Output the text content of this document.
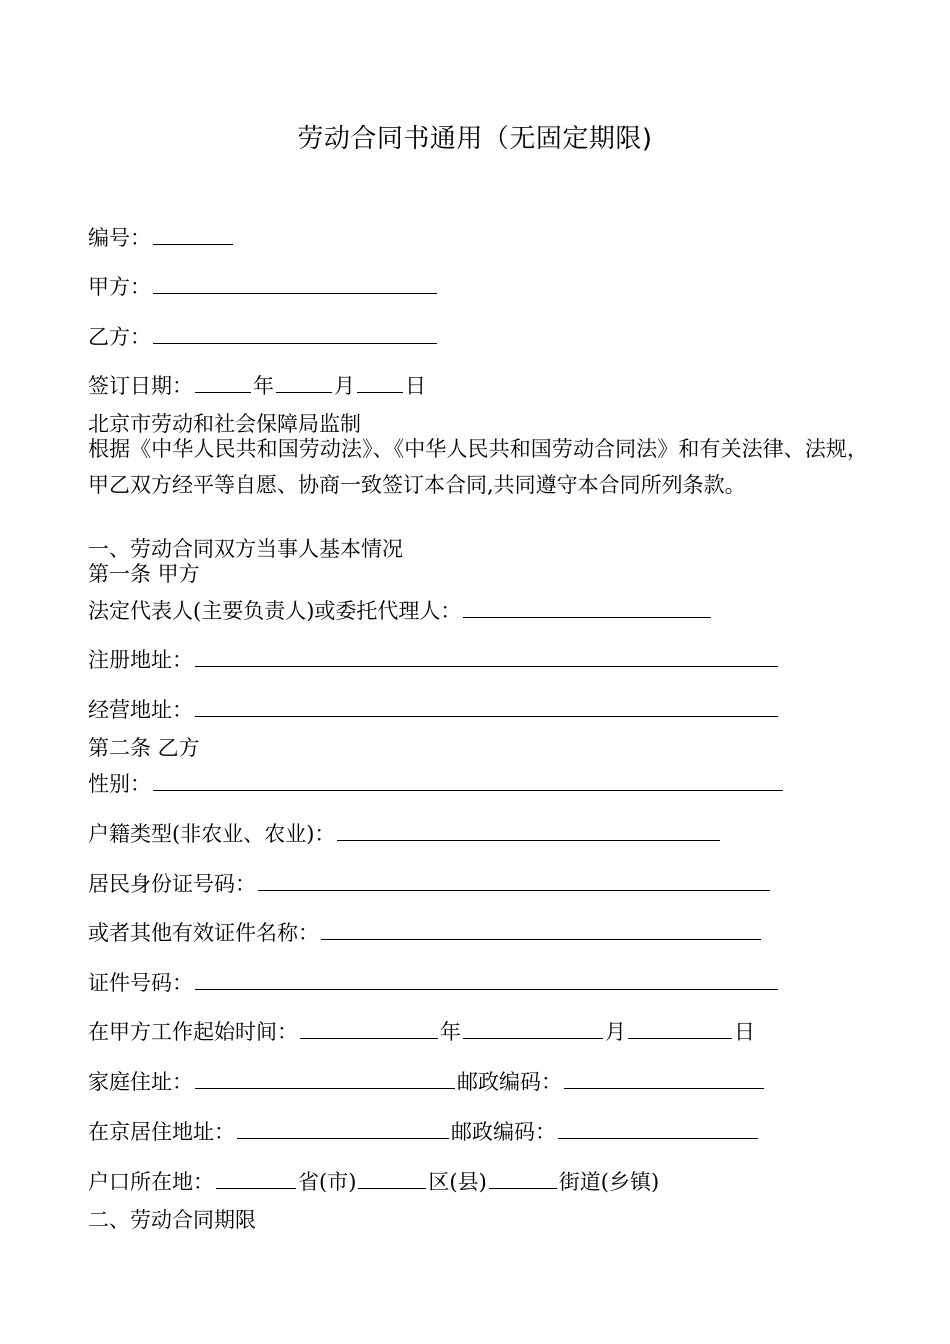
劳动合同书通用（无固定期限)
编号：
甲方：
乙方：
签订日期：	年	月 日
北京市劳动和社会保障局监制
根据《中华人民共和国劳动法》、《中华人民共和国劳动合同法》和有关法律、法规，甲乙双方经平等自愿、协商一致签订本合同,共同遵守本合同所列条款。
一、劳动合同双方当事人基本情况
第一条 甲方
法定代表人(主要负责人)或委托代理人：
注册地址：
经营地址：
第二条 乙方
性别：
户籍类型(非农业、农业)：
居民身份证号码：
或者其他有效证件名称：
证件号码：
在甲方工作起始时间：	年	月	日
家庭住址：	邮政编码：
在京居住地址：	邮政编码：
户口所在地：	省(市)	区(县)	街道(乡镇)
二、劳动合同期限
